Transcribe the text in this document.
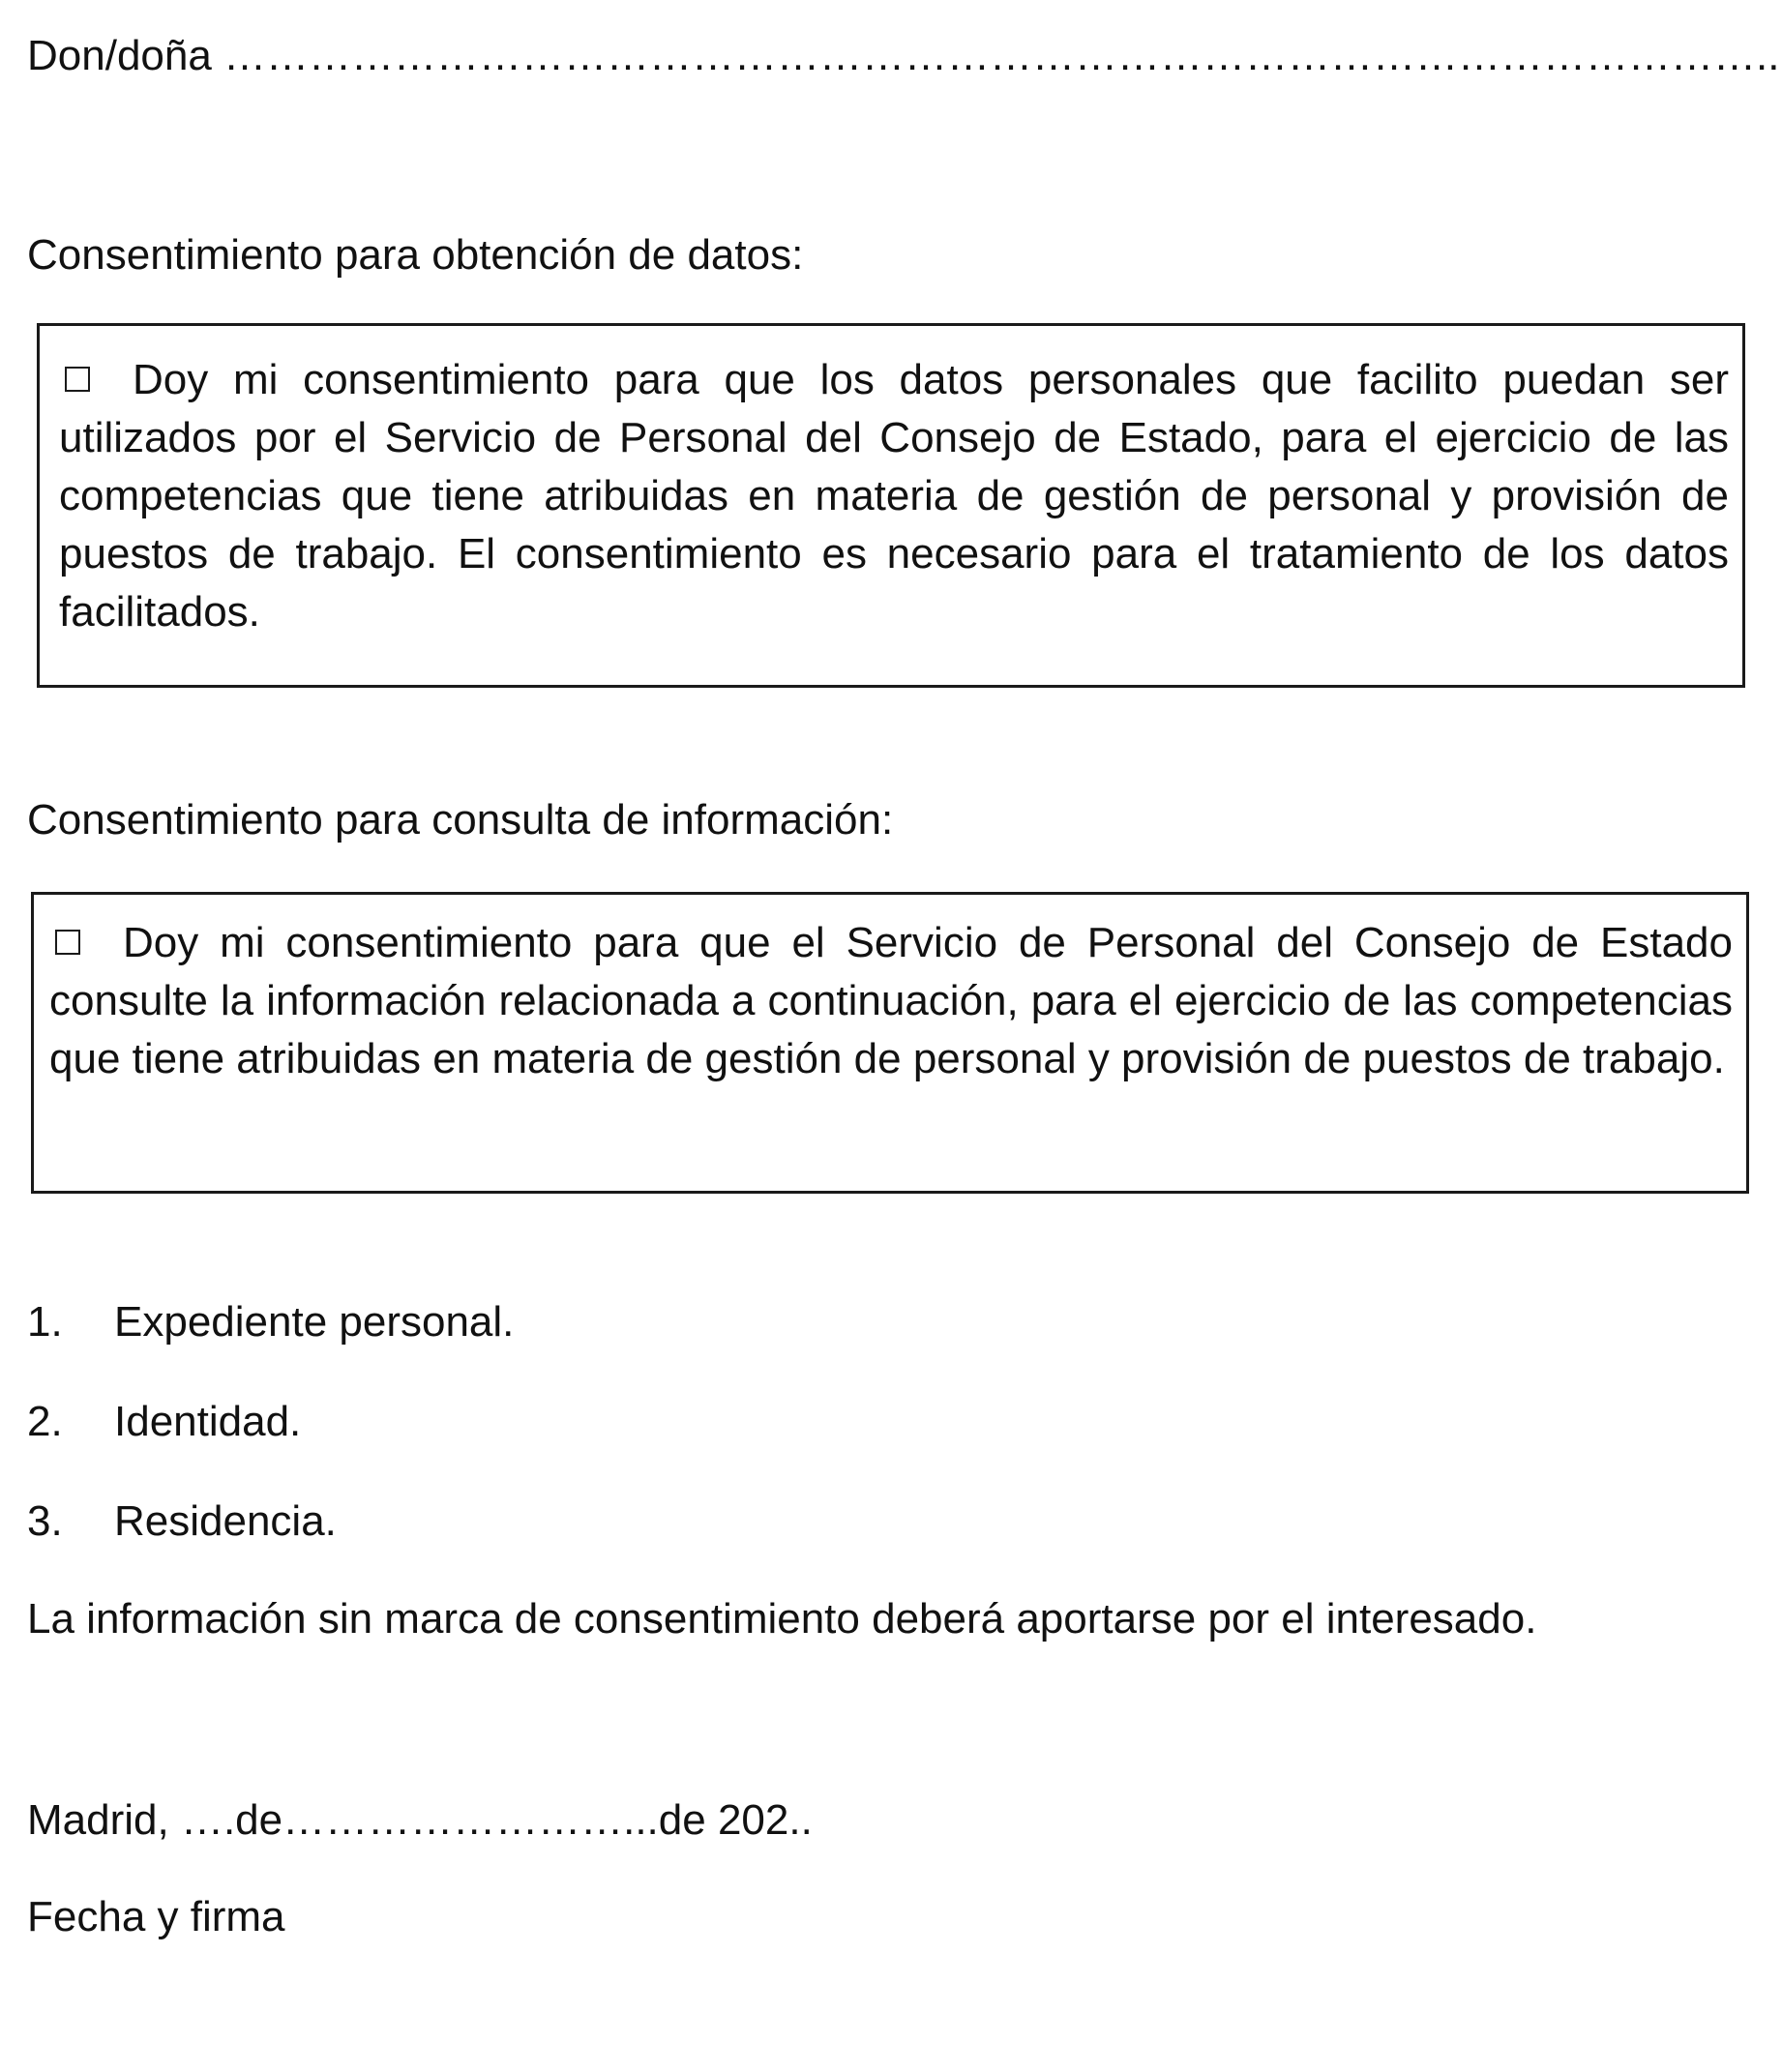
Don/doña ………………………………………………………………………………………………..
Consentimiento para obtención de datos:

Doy mi consentimiento para que los datos personales que facilito puedan ser utilizados por el Servicio de Personal del Consejo de Estado, para el ejercicio de las competencias que tiene atribuidas en materia de gestión de personal y provisión de puestos de trabajo. El consentimiento es necesario para el tratamiento de los datos facilitados.

Consentimiento para consulta de información:

Doy mi consentimiento para que el Servicio de Personal del Consejo de Estado consulte la información relacionada a continuación, para el ejercicio de las competencias que tiene atribuidas en materia de gestión de personal y provisión de puestos de trabajo.

1. Expediente personal.
2. Identidad.
3. Residencia.
La información sin marca de consentimiento deberá aportarse por el interesado.
Madrid, ….de……………………...de 202..
Fecha y firma
